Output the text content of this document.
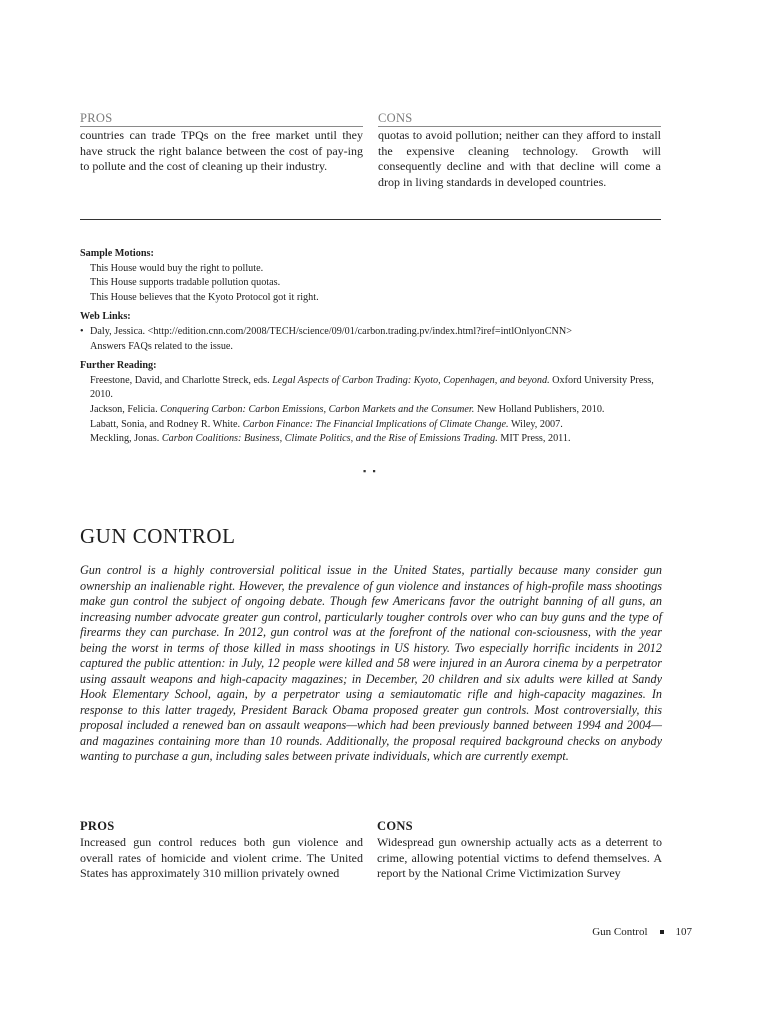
PROS
countries can trade TPQs on the free market until they have struck the right balance between the cost of pay-ing to pollute and the cost of cleaning up their industry.
CONS
quotas to avoid pollution; neither can they afford to install the expensive cleaning technology. Growth will consequently decline and with that decline will come a drop in living standards in developed countries.
Sample Motions:
This House would buy the right to pollute.
This House supports tradable pollution quotas.
This House believes that the Kyoto Protocol got it right.
Web Links:
• Daly, Jessica. <http://edition.cnn.com/2008/TECH/science/09/01/carbon.trading.pv/index.html?iref=intlOnlyonCNN>
Answers FAQs related to the issue.
Further Reading:
Freestone, David, and Charlotte Streck, eds. Legal Aspects of Carbon Trading: Kyoto, Copenhagen, and beyond. Oxford University Press, 2010.
Jackson, Felicia. Conquering Carbon: Carbon Emissions, Carbon Markets and the Consumer. New Holland Publishers, 2010.
Labatt, Sonia, and Rodney R. White. Carbon Finance: The Financial Implications of Climate Change. Wiley, 2007.
Meckling, Jonas. Carbon Coalitions: Business, Climate Politics, and the Rise of Emissions Trading. MIT Press, 2011.
▪ ▪
GUN CONTROL
Gun control is a highly controversial political issue in the United States, partially because many consider gun ownership an inalienable right. However, the prevalence of gun violence and instances of high-profile mass shootings make gun control the subject of ongoing debate. Though few Americans favor the outright banning of all guns, an increasing number advocate greater gun control, particularly tougher controls over who can buy guns and the type of firearms they can purchase. In 2012, gun control was at the forefront of the national con-sciousness, with the year being the worst in terms of those killed in mass shootings in US history. Two especially horrific incidents in 2012 captured the public attention: in July, 12 people were killed and 58 were injured in an Aurora cinema by a perpetrator using assault weapons and high-capacity magazines; in December, 20 children and six adults were killed at Sandy Hook Elementary School, again, by a perpetrator using a semiautomatic rifle and high-capacity magazines. In response to this latter tragedy, President Barack Obama proposed greater gun controls. Most controversially, this proposal included a renewed ban on assault weapons—which had been previously banned between 1994 and 2004—and magazines containing more than 10 rounds. Additionally, the proposal required background checks on anybody wanting to purchase a gun, including sales between private individuals, which are currently exempt.
PROS
Increased gun control reduces both gun violence and overall rates of homicide and violent crime. The United States has approximately 310 million privately owned
CONS
Widespread gun ownership actually acts as a deterrent to crime, allowing potential victims to defend themselves. A report by the National Crime Victimization Survey
Gun Control	107
